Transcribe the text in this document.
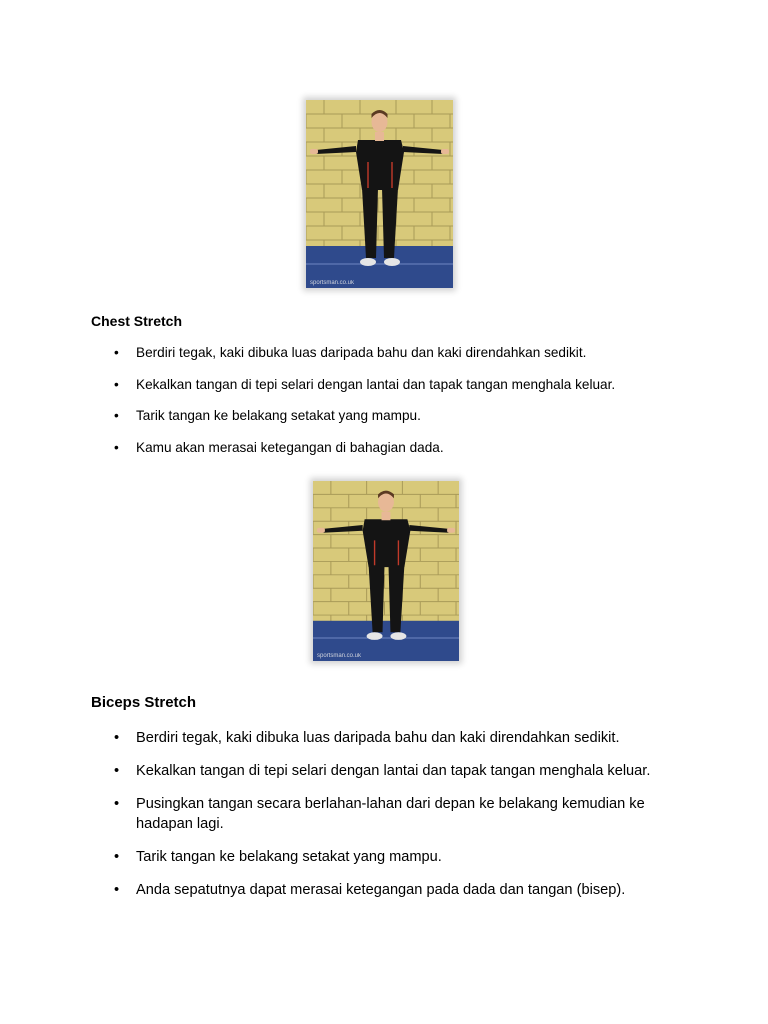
sportsman.co.uk
Chest Stretch
• Berdiri tegak, kaki dibuka luas daripada bahu dan kaki direndahkan sedikit.
• Kekalkan tangan di tepi selari dengan lantai dan tapak tangan menghala keluar.
• Tarik tangan ke belakang setakat yang mampu.
• Kamu akan merasai ketegangan di bahagian dada.
sportsman.co.uk
Biceps Stretch
• Berdiri tegak, kaki dibuka luas daripada bahu dan kaki direndahkan sedikit.
• Kekalkan tangan di tepi selari dengan lantai dan tapak tangan menghala keluar.
• Pusingkan tangan secara berlahan-lahan dari depan ke belakang kemudian ke hadapan lagi.
• Tarik tangan ke belakang setakat yang mampu.
• Anda sepatutnya dapat merasai ketegangan pada dada dan tangan (bisep).
